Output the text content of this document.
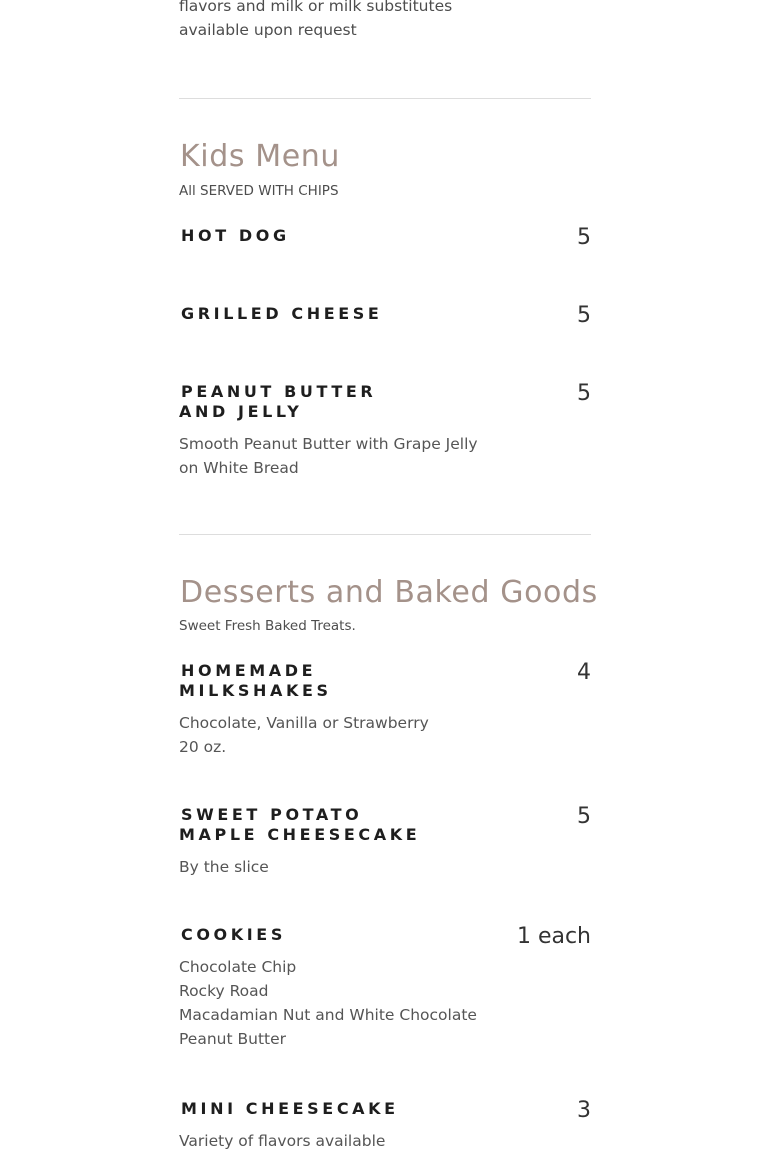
flavors and milk or milk substitutes
available upon request
Kids Menu
All SERVED WITH CHIPS
HOT DOG	5
GRILLED CHEESE	5
PEANUT BUTTER AND JELLY
5
Smooth Peanut Butter with Grape Jelly
on White Bread
Desserts and Baked Goods
Sweet Fresh Baked Treats.
HOMEMADE MILKSHAKES
4
Chocolate, Vanilla or Strawberry
20 oz.
SWEET POTATO MAPLE CHEESECAKE
5
By the slice
COOKIES	1 each
Chocolate Chip
Rocky Road
Macadamian Nut and White Chocolate
Peanut Butter
MINI CHEESECAKE	3
Variety of flavors available
